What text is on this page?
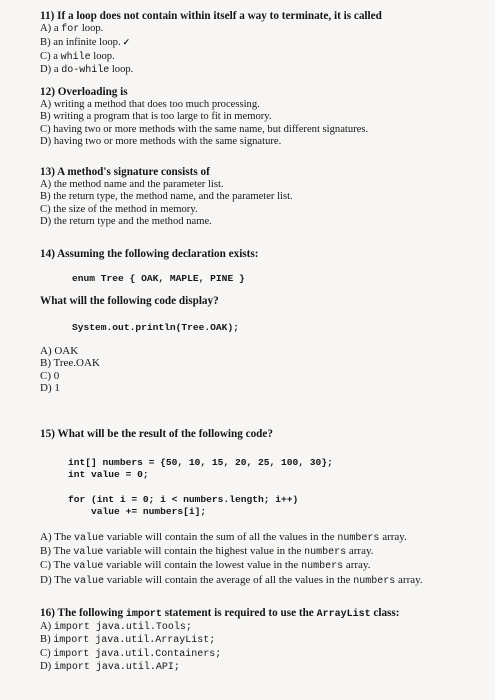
11) If a loop does not contain within itself a way to terminate, it is called
A) a for loop.
B) an infinite loop. ✓
C) a while loop.
D) a do-while loop.
12) Overloading is
A) writing a method that does too much processing.
B) writing a program that is too large to fit in memory.
C) having two or more methods with the same name, but different signatures.
D) having two or more methods with the same signature.
13) A method's signature consists of
A) the method name and the parameter list.
B) the return type, the method name, and the parameter list.
C) the size of the method in memory.
D) the return type and the method name.
14) Assuming the following declaration exists:
enum Tree { OAK, MAPLE, PINE }
What will the following code display?
System.out.println(Tree.OAK);
A) OAK
B) Tree.OAK
C) 0
D) 1
15) What will be the result of the following code?
int[] numbers = {50, 10, 15, 20, 25, 100, 30};
int value = 0;
for (int i = 0; i < numbers.length; i++)
value += numbers[i];
A) The value variable will contain the sum of all the values in the numbers array.
B) The value variable will contain the highest value in the numbers array.
C) The value variable will contain the lowest value in the numbers array.
D) The value variable will contain the average of all the values in the numbers array.
16) The following import statement is required to use the ArrayList class:
A) import java.util.Tools;
B) import java.util.ArrayList;
C) import java.util.Containers;
D) import java.util.API;
